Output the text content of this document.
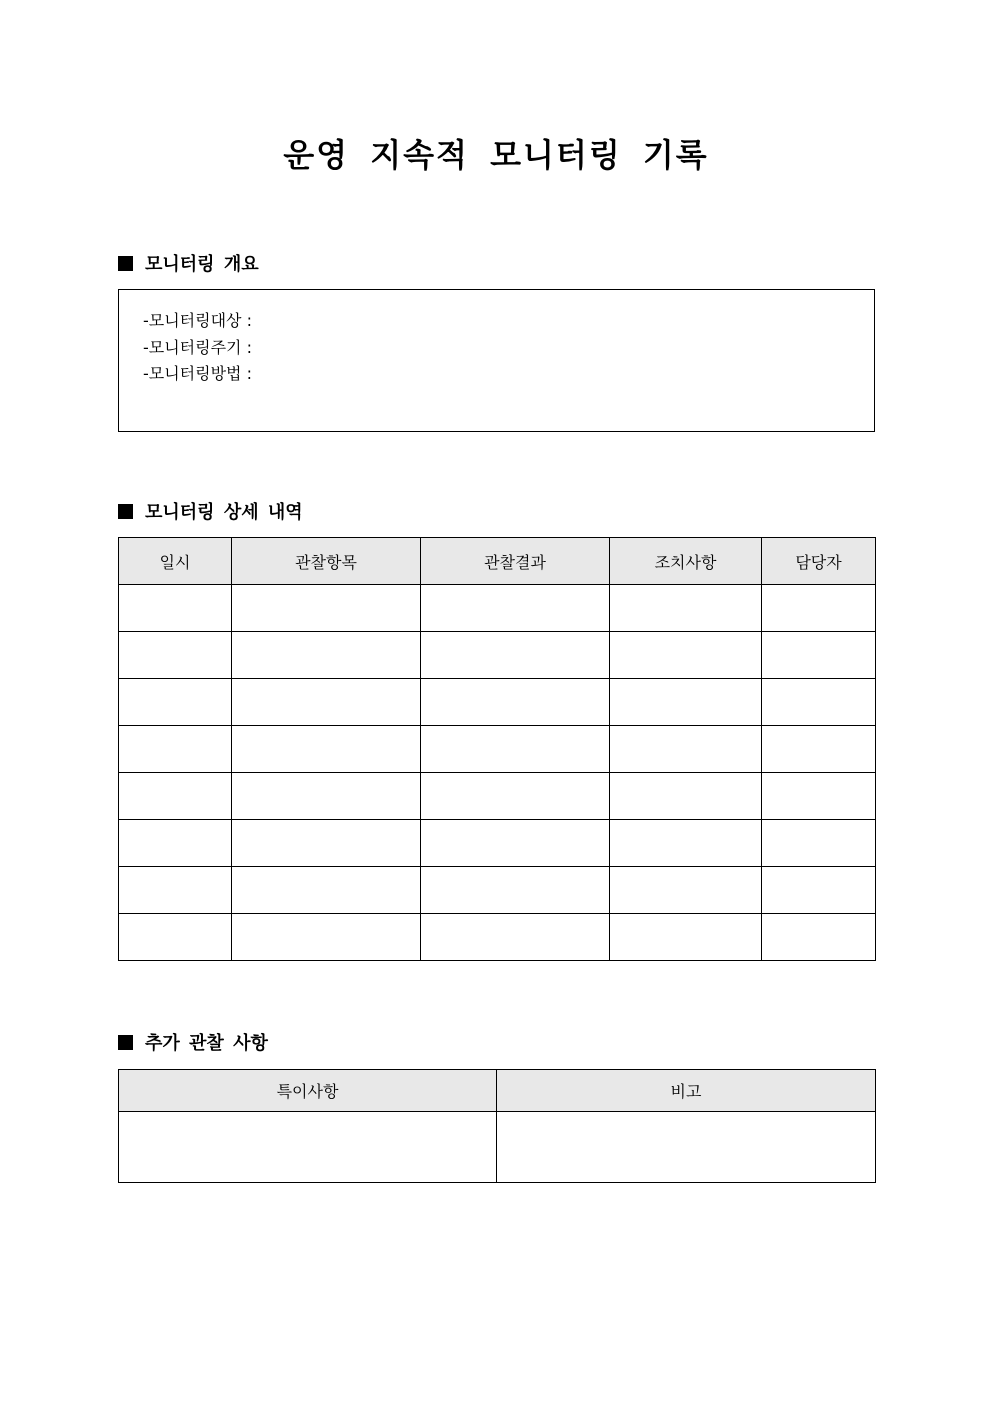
운영 지속적 모니터링 기록
모니터링 개요
-모니터링대상 :
-모니터링주기 :
-모니터링방법 :
모니터링 상세 내역
일시	관찰항목	관찰결과	조치사항	담당자

추가 관찰 사항
특이사항	비고
